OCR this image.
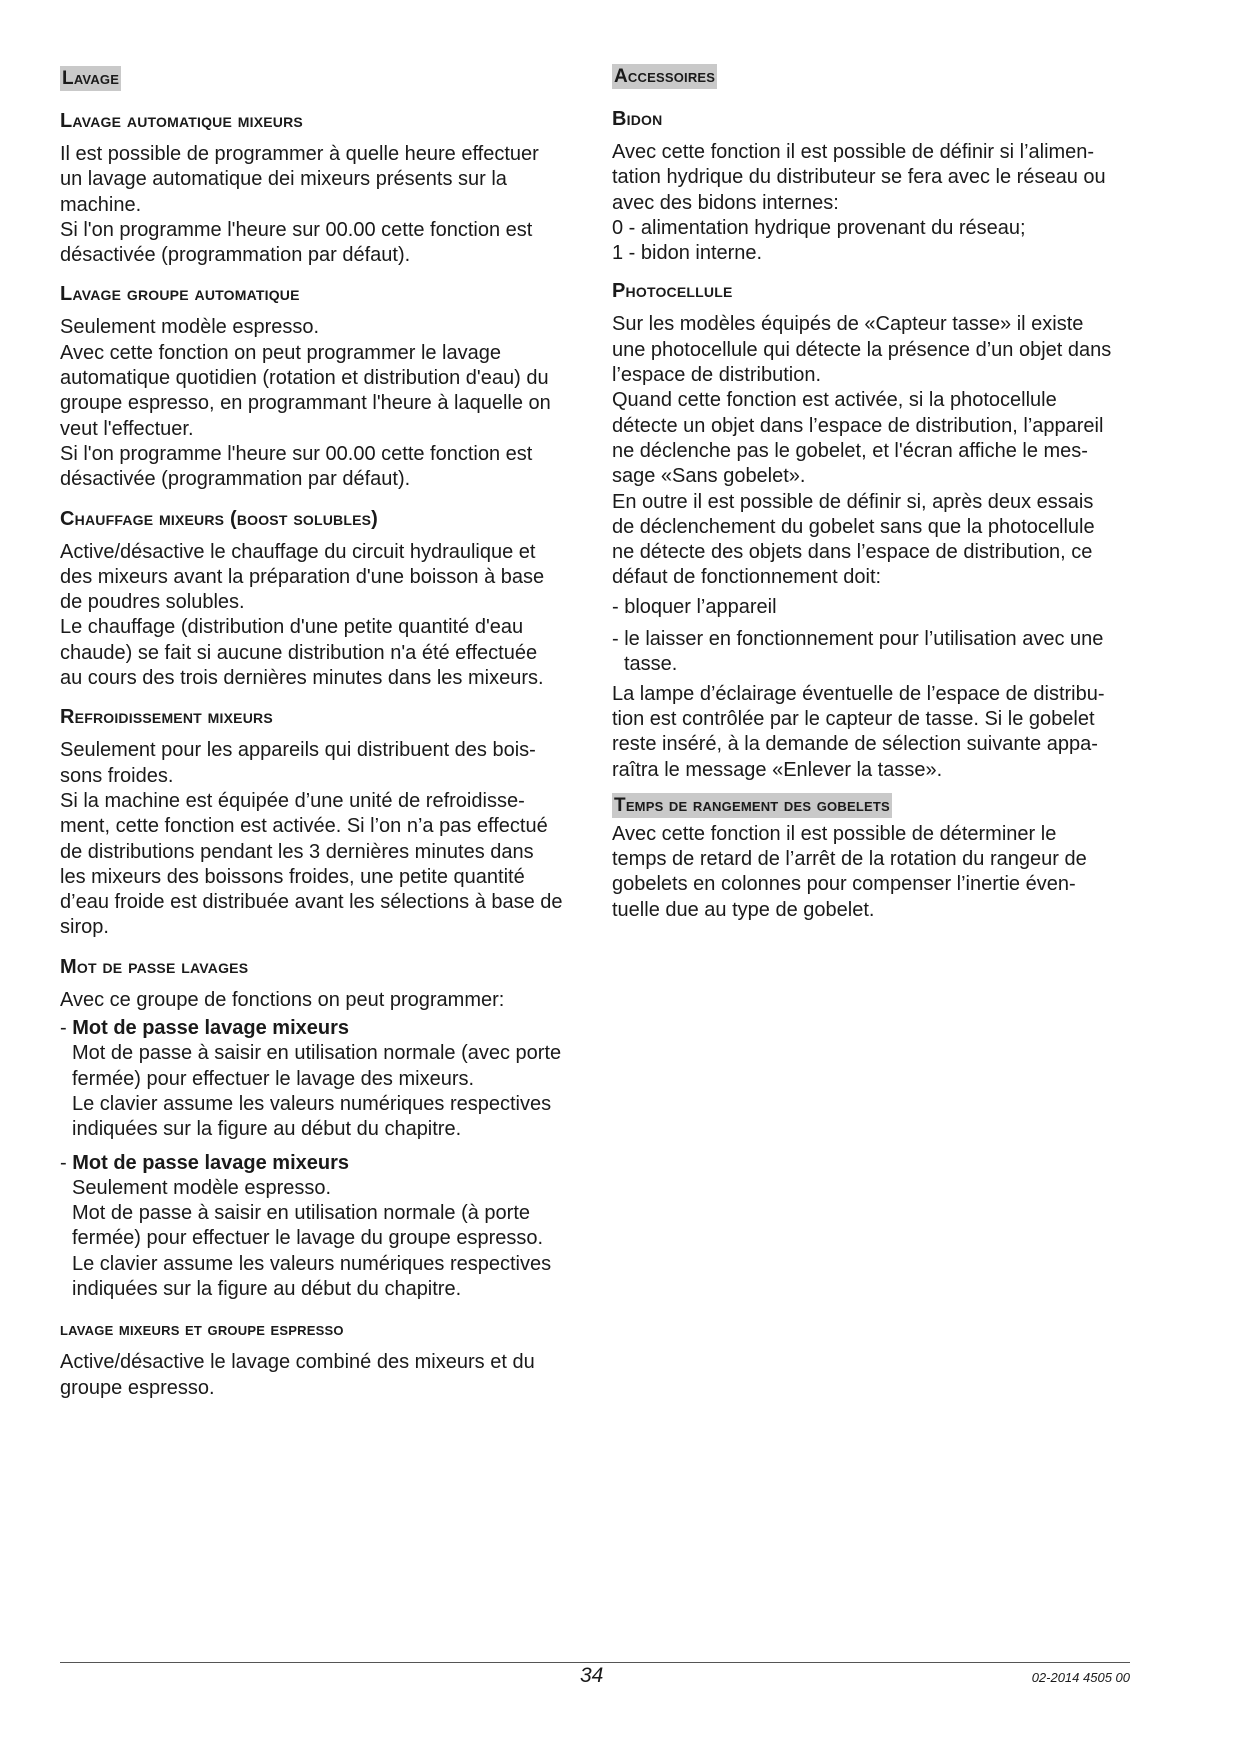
Lavage
Lavage automatique mixeurs

Il est possible de programmer à quelle heure effectuer
un lavage automatique dei mixeurs présents sur la
machine.
Si l'on programme l'heure sur 00.00 cette fonction est
désactivée (programmation par défaut).

Lavage groupe automatique

Seulement modèle espresso.
Avec cette fonction on peut programmer le lavage
automatique quotidien (rotation et distribution d'eau) du
groupe espresso, en programmant l'heure à laquelle on
veut l'effectuer.
Si l'on programme l'heure sur 00.00 cette fonction est
désactivée (programmation par défaut).

Chauffage mixeurs (boost solubles)

Active/désactive le chauffage du circuit hydraulique et
des mixeurs avant la préparation d'une boisson à base
de poudres solubles.
Le chauffage (distribution d'une petite quantité d'eau
chaude) se fait si aucune distribution n'a été effectuée
au cours des trois dernières minutes dans les mixeurs.

Refroidissement mixeurs

Seulement pour les appareils qui distribuent des bois-
sons froides.
Si la machine est équipée d’une unité de refroidisse-
ment, cette fonction est activée. Si l’on n’a pas effectué
de distributions pendant les 3 dernières minutes dans
les mixeurs des boissons froides, une petite quantité
d’eau froide est distribuée avant les sélections à base de
sirop.

Mot de passe lavages

Avec ce groupe de fonctions on peut programmer:

- Mot de passe lavage mixeurs

Mot de passe à saisir en utilisation normale (avec porte
fermée) pour effectuer le lavage des mixeurs.
Le clavier assume les valeurs numériques respectives
indiquées sur la figure au début du chapitre.

- Mot de passe lavage mixeurs

Seulement modèle espresso.
Mot de passe à saisir en utilisation normale (à porte
fermée) pour effectuer le lavage du groupe espresso.
Le clavier assume les valeurs numériques respectives
indiquées sur la figure au début du chapitre.

lavage mixeurs et groupe espresso

Active/désactive le lavage combiné des mixeurs et du
groupe espresso.

Accessoires
Bidon

Avec cette fonction il est possible de définir si l’alimen-
tation hydrique du distributeur se fera avec le réseau ou
avec des bidons internes:
0 - alimentation hydrique provenant du réseau;
1 - bidon interne.

Photocellule

Sur les modèles équipés de «Capteur tasse» il existe
une photocellule qui détecte la présence d’un objet dans
l’espace de distribution.
Quand cette fonction est activée, si la photocellule
détecte un objet dans l’espace de distribution, l’appareil
ne déclenche pas le gobelet, et l'écran affiche le mes-
sage «Sans gobelet».
En outre il est possible de définir si, après deux essais
de déclenchement du gobelet sans que la photocellule
ne détecte des objets dans l’espace de distribution, ce
défaut de fonctionnement doit:

- bloquer l’appareil

- le laisser en fonctionnement pour l’utilisation avec une
tasse.

La lampe d’éclairage éventuelle de l’espace de distribu-
tion est contrôlée par le capteur de tasse. Si le gobelet
reste inséré, à la demande de sélection suivante appa-
raîtra le message «Enlever la tasse».

Temps de rangement des gobelets

Avec cette fonction il est possible de déterminer le
temps de retard de l’arrêt de la rotation du rangeur de
gobelets en colonnes pour compenser l’inertie éven-
tuelle due au type de gobelet.

34	02-2014 4505 00
